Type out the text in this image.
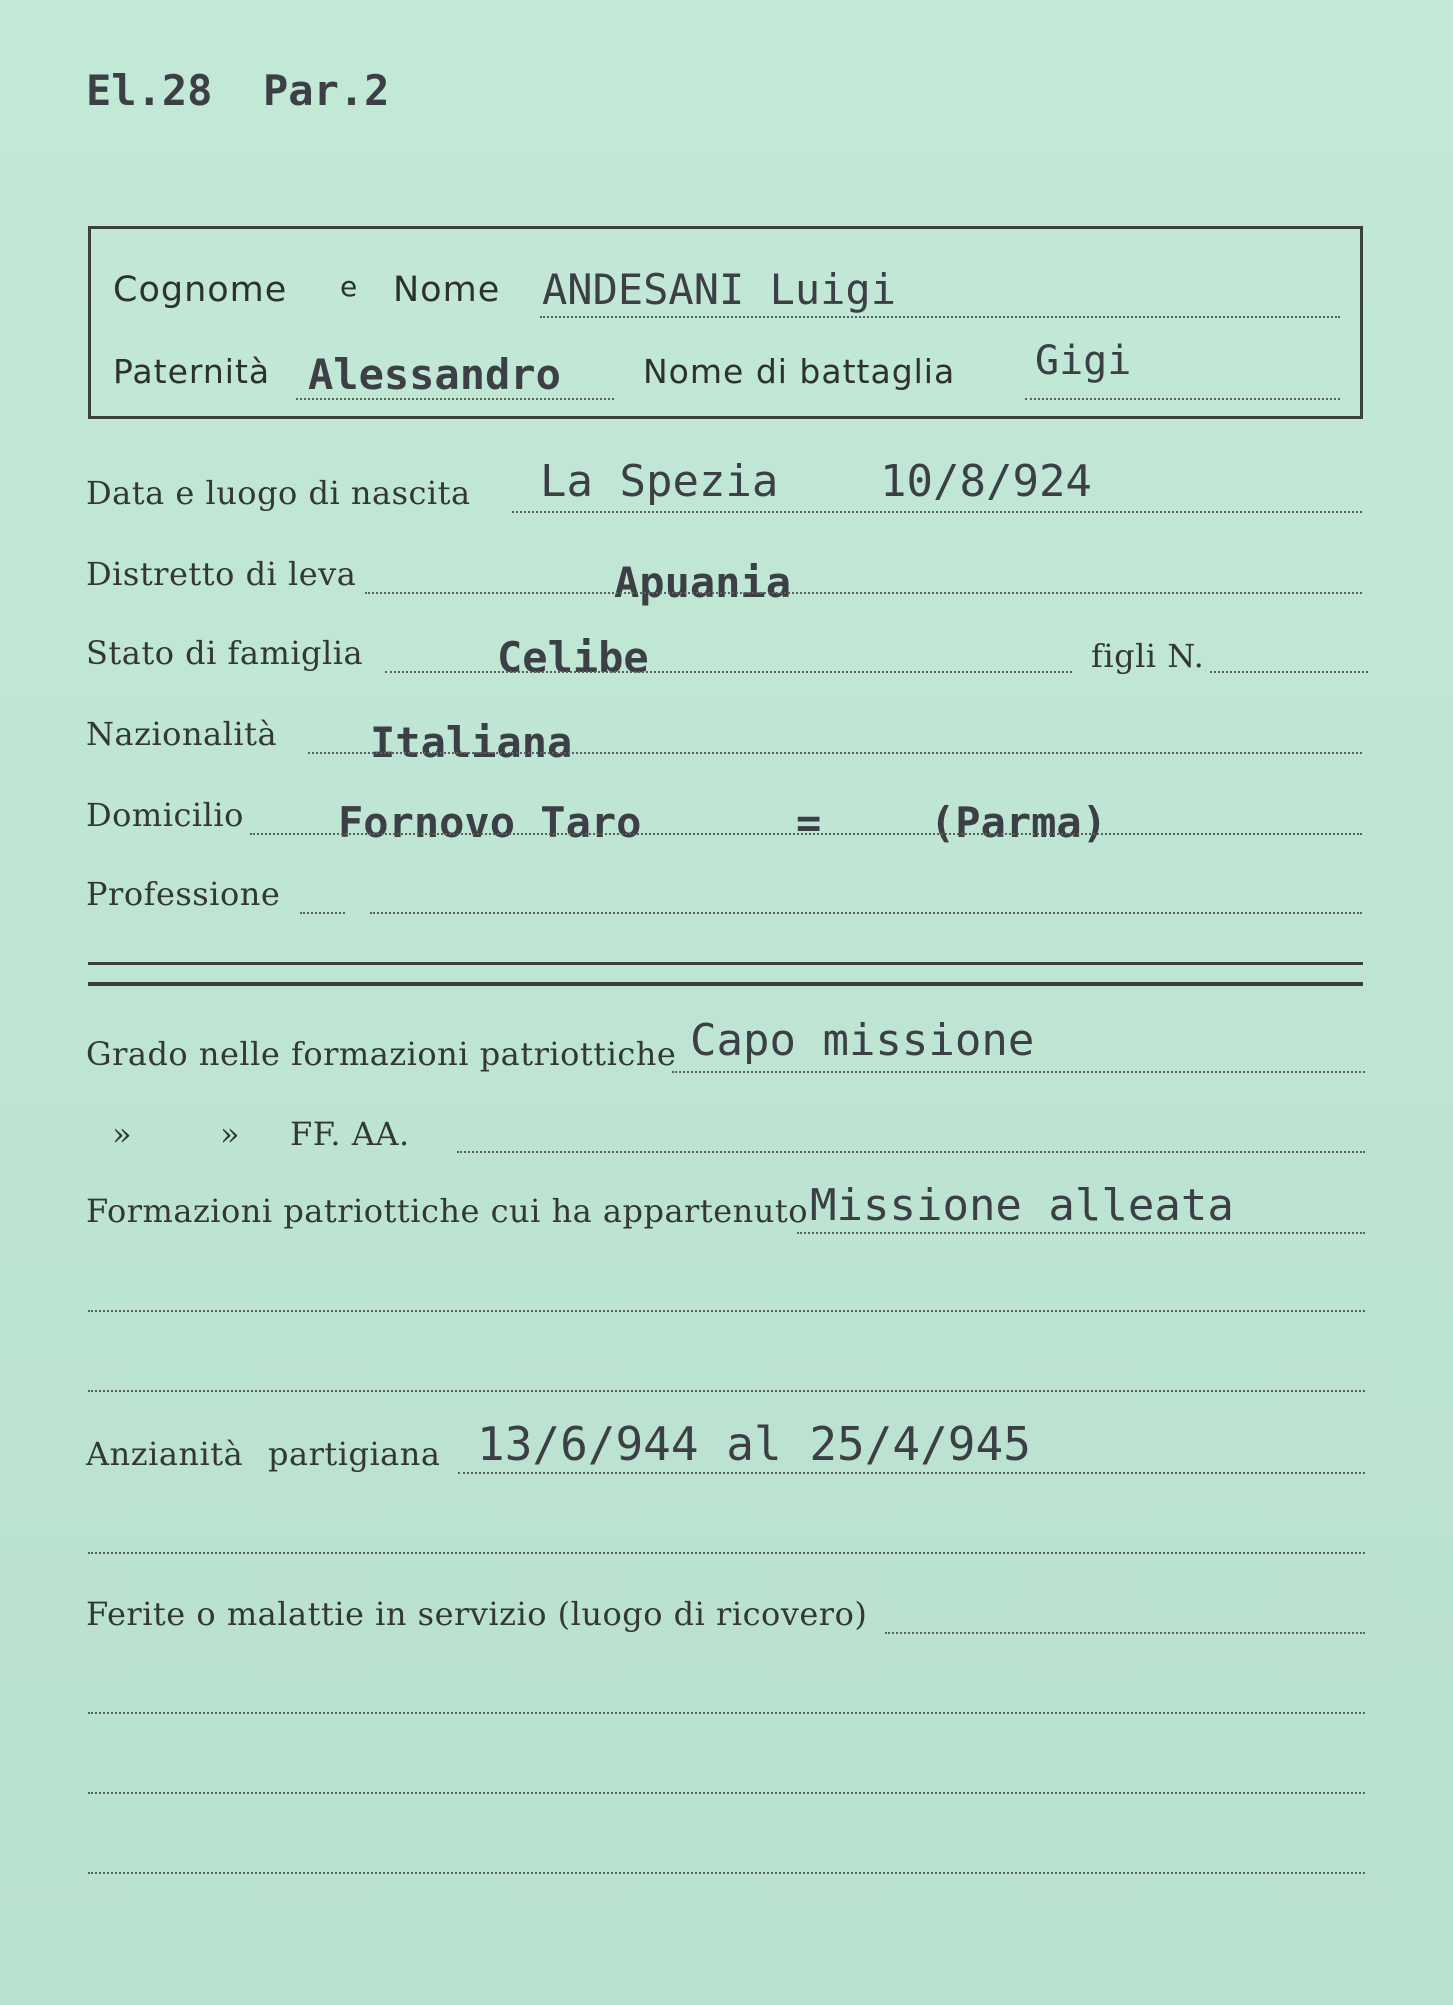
El.28  Par.2
Cognome e Nome ANDESANI Luigi
Paternità Alessandro Nome di battaglia Gigi
Data e luogo di nascita La Spezia 10/8/924
Distretto di leva	Apuania
Stato di famiglia	Celibe	figli N.
Nazionalità Italiana
Domicilio Fornovo Taro	=	(Parma)
Professione
Grado nelle formazioni patriottiche Capo missione
»	» FF. AA.
Formazioni patriottiche cui ha appartenuto Missione alleata
Anzianità partigiana 13/6/944 al 25/4/945
Ferite o malattie in servizio (luogo di ricovero)
